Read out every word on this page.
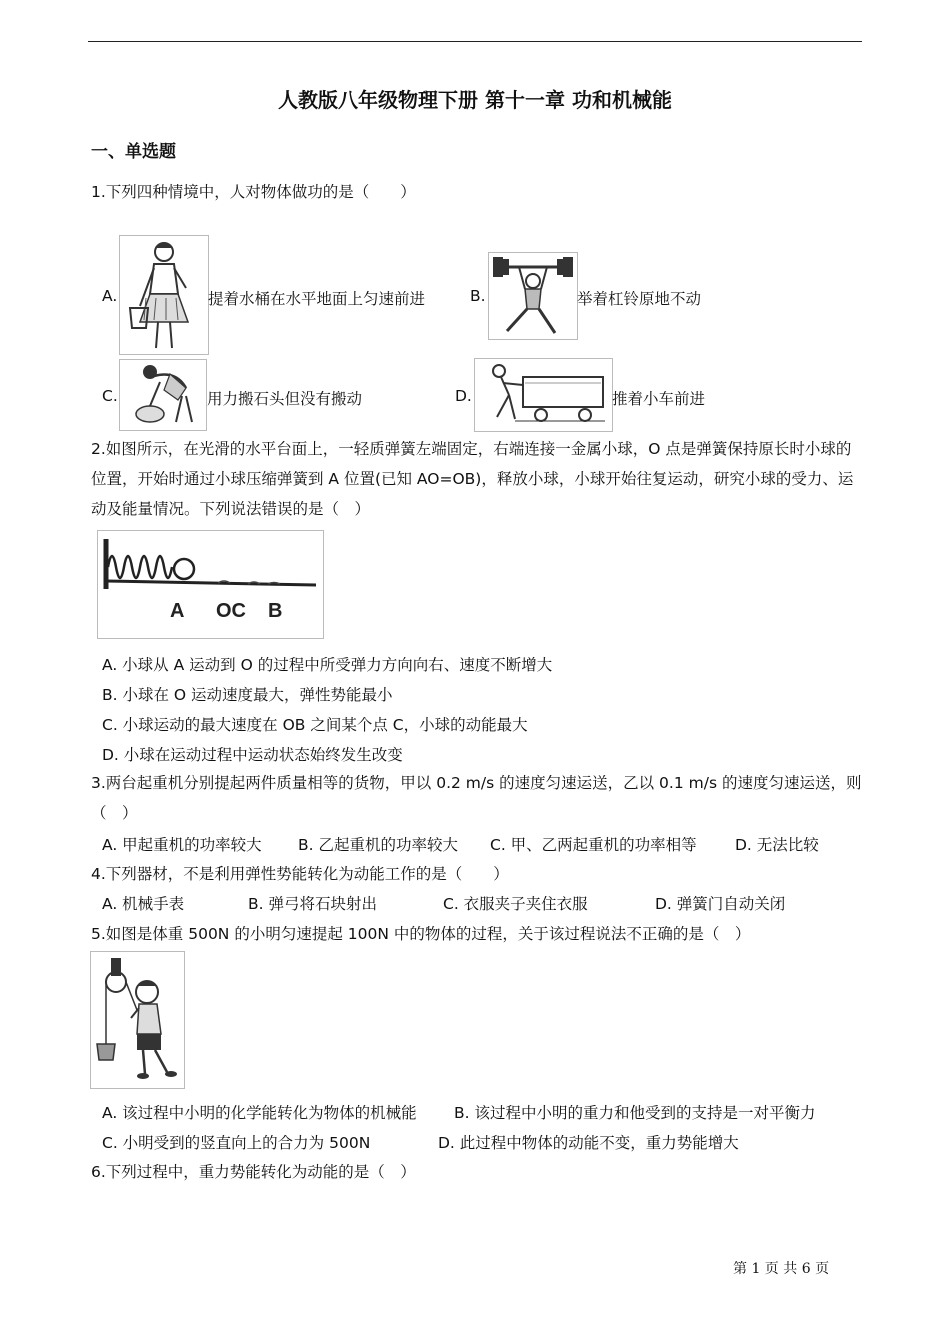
人教版八年级物理下册 第十一章 功和机械能
一、单选题
1.下列四种情境中，人对物体做功的是（　　）
A.	提着水桶在水平地面上匀速前进	B.	举着杠铃原地不动
C.	用力搬石头但没有搬动	D.	推着小车前进
2.如图所示，在光滑的水平台面上，一轻质弹簧左端固定，右端连接一金属小球，O 点是弹簧保持原长时小球的位置，开始时通过小球压缩弹簧到 A 位置(已知 AO=OB)，释放小球，小球开始往复运动，研究小球的受力、运动及能量情况。下列说法错误的是（　）
A OC B
A. 小球从 A 运动到 O 的过程中所受弹力方向向右、速度不断增大
B. 小球在 O 运动速度最大，弹性势能最小
C. 小球运动的最大速度在 OB 之间某个点 C，小球的动能最大
D. 小球在运动过程中运动状态始终发生改变
3.两台起重机分别提起两件质量相等的货物，甲以 0.2 m/s 的速度匀速运送，乙以 0.1 m/s 的速度匀速运送，则（　）
A. 甲起重机的功率较大 B. 乙起重机的功率较大 C. 甲、乙两起重机的功率相等 D. 无法比较
4.下列器材，不是利用弹性势能转化为动能工作的是（　　）
A. 机械手表	B. 弹弓将石块射出	C. 衣服夹子夹住衣服	D. 弹簧门自动关闭
5.如图是体重 500N 的小明匀速提起 100N 中的物体的过程，关于该过程说法不正确的是（　）
A. 该过程中小明的化学能转化为物体的机械能 B. 该过程中小明的重力和他受到的支持是一对平衡力
C. 小明受到的竖直向上的合力为 500N	D. 此过程中物体的动能不变，重力势能增大
6.下列过程中，重力势能转化为动能的是（　）
第 1 页 共 6 页
